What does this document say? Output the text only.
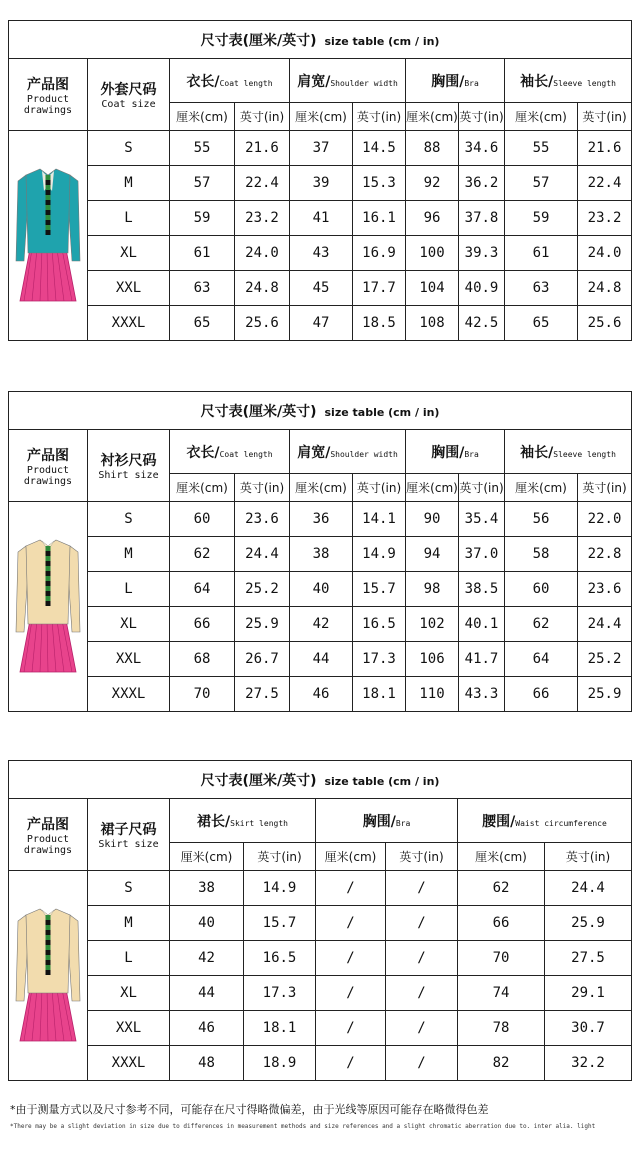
尺寸表(厘米/英寸) size table (cm / in)									

产品图
Product
drawings	外套尺码
Coat size	衣长/Coat length		肩宽/Shoulder width		胸围/Bra		袖长/Sleeve length	
		厘米(cm)	英寸(in)	厘米(cm)	英寸(in)	厘米(cm)	英寸(in)	厘米(cm)	英寸(in)

	S	55	21.6	37	14.5	88	34.6	55	21.6
	M	57	22.4	39	15.3	92	36.2	57	22.4
	L	59	23.2	41	16.1	96	37.8	59	23.2
	XL	61	24.0	43	16.9	100	39.3	61	24.0
	XXL	63	24.8	45	17.7	104	40.9	63	24.8
	XXXL	65	25.6	47	18.5	108	42.5	65	25.6
尺寸表(厘米/英寸) size table (cm / in)									

产品图
Product
drawings	衬衫尺码
Shirt size	衣长/Coat length		肩宽/Shoulder width		胸围/Bra		袖长/Sleeve length	
		厘米(cm)	英寸(in)	厘米(cm)	英寸(in)	厘米(cm)	英寸(in)	厘米(cm)	英寸(in)

	S	60	23.6	36	14.1	90	35.4	56	22.0
	M	62	24.4	38	14.9	94	37.0	58	22.8
	L	64	25.2	40	15.7	98	38.5	60	23.6
	XL	66	25.9	42	16.5	102	40.1	62	24.4
	XXL	68	26.7	44	17.3	106	41.7	64	25.2
	XXXL	70	27.5	46	18.1	110	43.3	66	25.9
尺寸表(厘米/英寸) size table (cm / in)							

产品图
Product
drawings	裙子尺码
Skirt size	裙长/Skirt length		胸围/Bra		腰围/Waist circumference	
		厘米(cm)	英寸(in)	厘米(cm)	英寸(in)	厘米(cm)	英寸(in)

	S	38	14.9	/	/	62	24.4
	M	40	15.7	/	/	66	25.9
	L	42	16.5	/	/	70	27.5
	XL	44	17.3	/	/	74	29.1
	XXL	46	18.1	/	/	78	30.7
	XXXL	48	18.9	/	/	82	32.2
*由于测量方式以及尺寸参考不同，可能存在尺寸得略微偏差，由于光线等原因可能存在略微得色差
*There may be a slight deviation in size due to differences in measurement methods and size references and a slight chromatic aberration due to. inter alia. light
